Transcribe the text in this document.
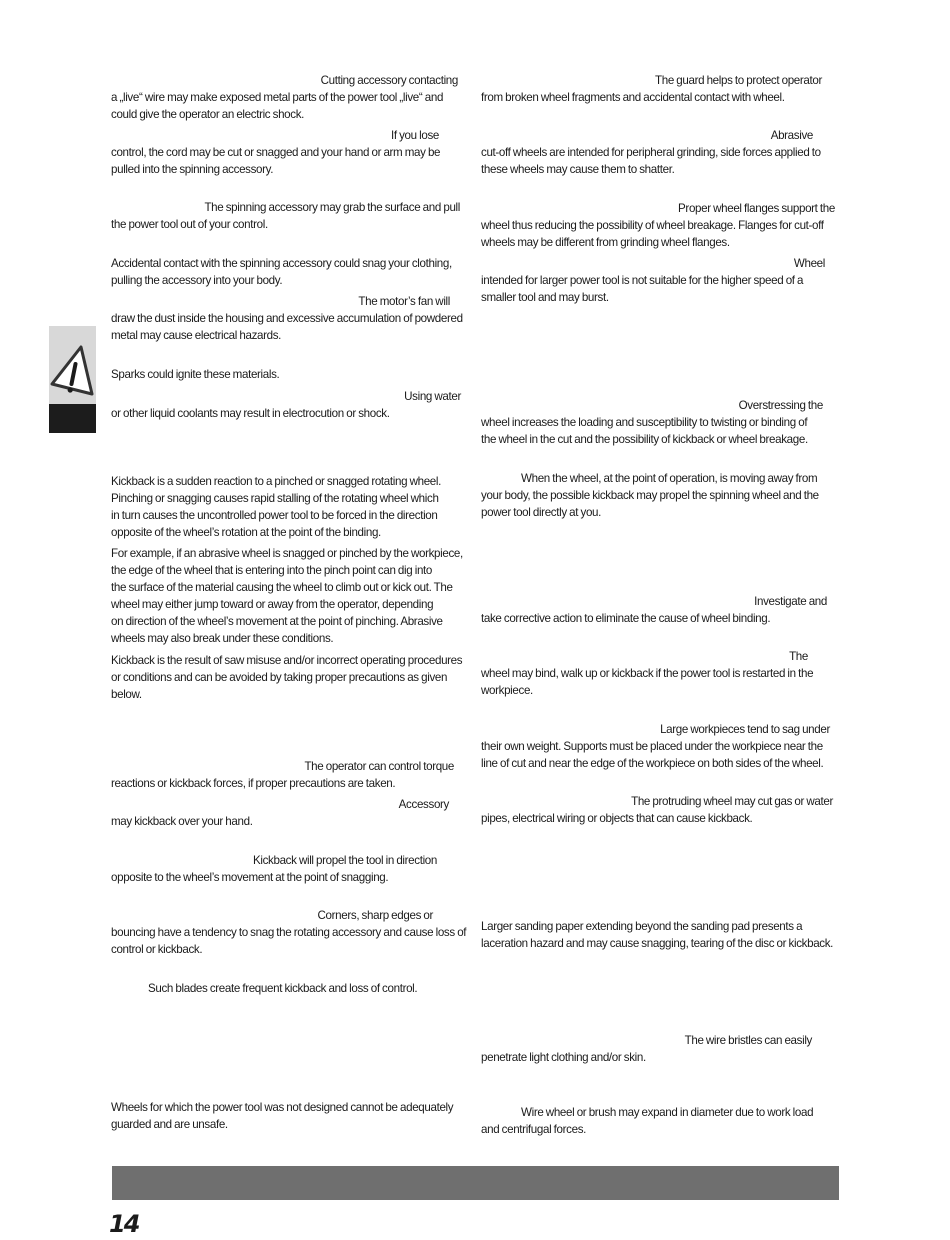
Cutting accessory contacting
a „live“ wire may make exposed metal parts of the power tool „live“ and
could give the operator an electric shock.

If you lose
control, the cord may be cut or snagged and your hand or arm may be
pulled into the spinning accessory.

The spinning accessory may grab the surface and pull
the power tool out of your control.

Accidental contact with the spinning accessory could snag your clothing,
pulling the accessory into your body.

The motor’s fan will
draw the dust inside the housing and excessive accumulation of powdered
metal may cause electrical hazards.

Sparks could ignite these materials.

Using water
or other liquid coolants may result in electrocution or shock.

Kickback is a sudden reaction to a pinched or snagged rotating wheel.
Pinching or snagging causes rapid stalling of the rotating wheel which
in turn causes the uncontrolled power tool to be forced in the direction
opposite of the wheel’s rotation at the point of the binding.

For example, if an abrasive wheel is snagged or pinched by the workpiece,
the edge of the wheel that is entering into the pinch point can dig into
the surface of the material causing the wheel to climb out or kick out. The
wheel may either jump toward or away from the operator, depending
on direction of the wheel’s movement at the point of pinching. Abrasive
wheels may also break under these conditions.

Kickback is the result of saw misuse and/or incorrect operating procedures
or conditions and can be avoided by taking proper precautions as given
below.

The operator can control torque
reactions or kickback forces, if proper precautions are taken.

Accessory
may kickback over your hand.

Kickback will propel the tool in direction
opposite to the wheel’s movement at the point of snagging.

Corners, sharp edges or
bouncing have a tendency to snag the rotating accessory and cause loss of
control or kickback.

Such blades create frequent kickback and loss of control.

Wheels for which the power tool was not designed cannot be adequately
guarded and are unsafe.

The guard helps to protect operator
from broken wheel fragments and accidental contact with wheel.

Abrasive
cut-off wheels are intended for peripheral grinding, side forces applied to
these wheels may cause them to shatter.

Proper wheel flanges support the
wheel thus reducing the possibility of wheel breakage. Flanges for cut-off
wheels may be different from grinding wheel flanges.

Wheel
intended for larger power tool is not suitable for the higher speed of a
smaller tool and may burst.

Overstressing the
wheel increases the loading and susceptibility to twisting or binding of
the wheel in the cut and the possibility of kickback or wheel breakage.

When the wheel, at the point of operation, is moving away from
your body, the possible kickback may propel the spinning wheel and the
power tool directly at you.

Investigate and
take corrective action to eliminate the cause of wheel binding.

The
wheel may bind, walk up or kickback if the power tool is restarted in the
workpiece.

Large workpieces tend to sag under
their own weight. Supports must be placed under the workpiece near the
line of cut and near the edge of the workpiece on both sides of the wheel.

The protruding wheel may cut gas or water
pipes, electrical wiring or objects that can cause kickback.

Larger sanding paper extending beyond the sanding pad presents a
laceration hazard and may cause snagging, tearing of the disc or kickback.

The wire bristles can easily
penetrate light clothing and/or skin.

Wire wheel or brush may expand in diameter due to work load
and centrifugal forces.

14
